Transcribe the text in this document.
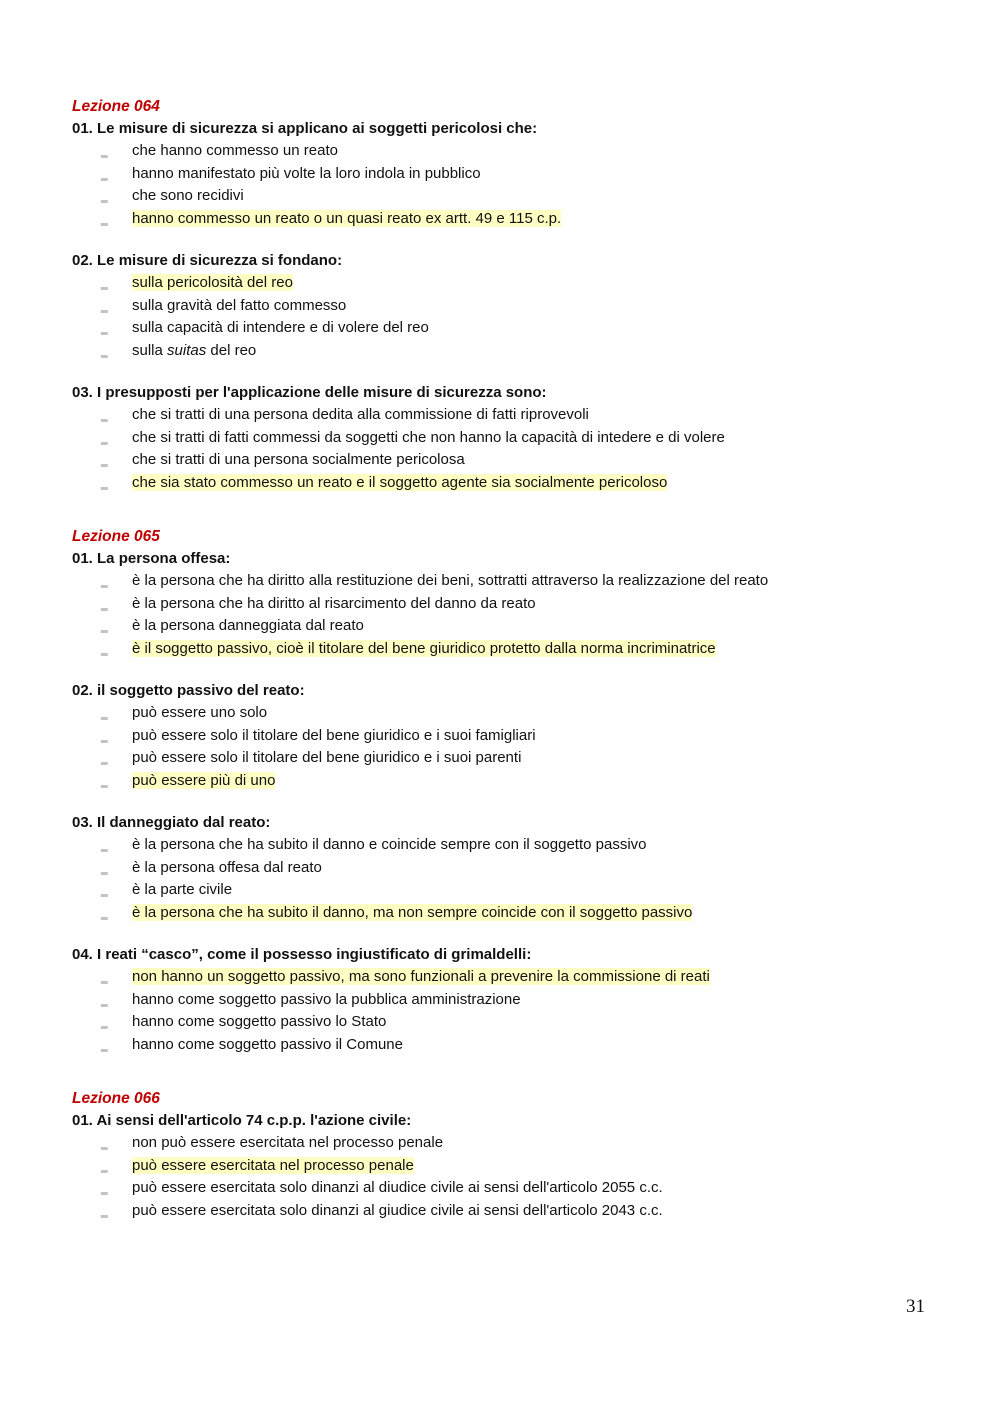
Lezione 064

01. Le misure di sicurezza si applicano ai soggetti pericolosi che:

‗ che hanno commesso un reato
‗ hanno manifestato più volte la loro indola in pubblico
‗ che sono recidivi
‗ hanno commesso un reato o un quasi reato ex artt. 49 e 115 c.p.

02. Le misure di sicurezza si fondano:

‗ sulla pericolosità del reo
‗ sulla gravità del fatto commesso
‗ sulla capacità di intendere e di volere del reo
‗ sulla suitas del reo

03. I presupposti per l'applicazione delle misure di sicurezza sono:

‗ che si tratti di una persona dedita alla commissione di fatti riprovevoli
‗ che si tratti di fatti commessi da soggetti che non hanno la capacità di intedere e di volere
‗ che si tratti di una persona socialmente pericolosa
‗ che sia stato commesso un reato e il soggetto agente sia socialmente pericoloso

Lezione 065

01. La persona offesa:

‗ è la persona che ha diritto alla restituzione dei beni, sottratti attraverso la realizzazione del reato
‗ è la persona che ha diritto al risarcimento del danno da reato
‗ è la persona danneggiata dal reato
‗ è il soggetto passivo, cioè il titolare del bene giuridico protetto dalla norma incriminatrice

02. il soggetto passivo del reato:

‗ può essere uno solo
‗ può essere solo il titolare del bene giuridico e i suoi famigliari
‗ può essere solo il titolare del bene giuridico e i suoi parenti
‗ può essere più di uno

03. Il danneggiato dal reato:

‗ è la persona che ha subito il danno e coincide sempre con il soggetto passivo
‗ è la persona offesa dal reato
‗ è la parte civile
‗ è la persona che ha subito il danno, ma non sempre coincide con il soggetto passivo

04. I reati “casco”, come il possesso ingiustificato di grimaldelli:

‗ non hanno un soggetto passivo, ma sono funzionali a prevenire la commissione di reati
‗ hanno come soggetto passivo la pubblica amministrazione
‗ hanno come soggetto passivo lo Stato
‗ hanno come soggetto passivo il Comune

Lezione 066

01. Ai sensi dell'articolo 74 c.p.p. l'azione civile:

‗ non può essere esercitata nel processo penale
‗ può essere esercitata nel processo penale
‗ può essere esercitata solo dinanzi al diudice civile ai sensi dell'articolo 2055 c.c.
‗ può essere esercitata solo dinanzi al giudice civile ai sensi dell'articolo 2043 c.c.
31
